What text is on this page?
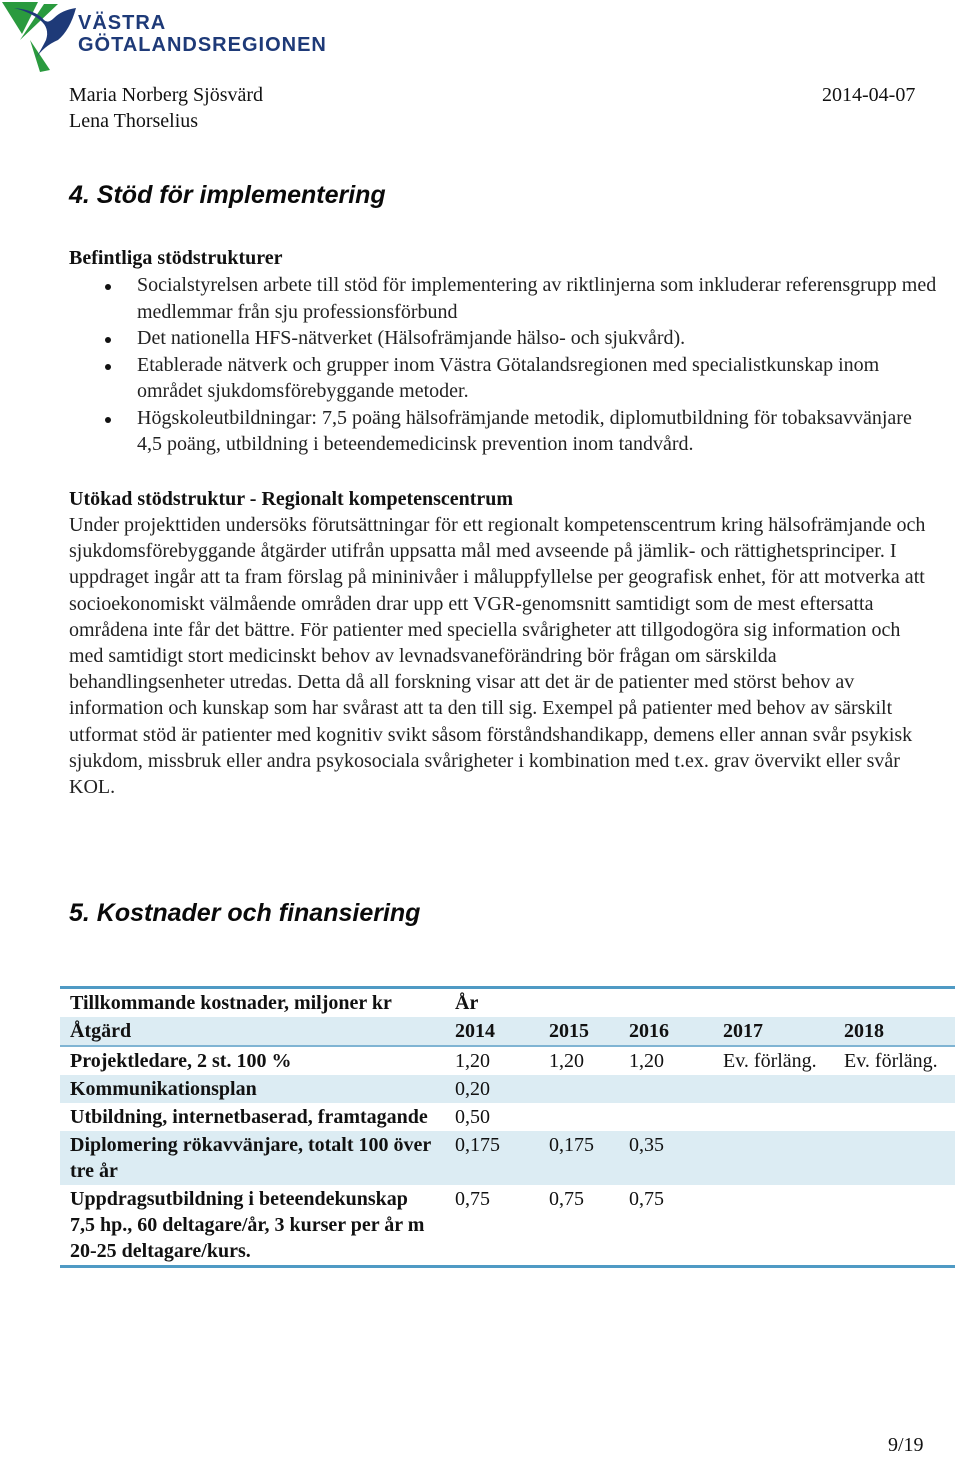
VÄSTRA
GÖTALANDSREGIONEN
Maria Norberg Sjösvärd
Lena Thorselius
2014-04-07
4. Stöd för implementering
Befintliga stödstrukturer
Socialstyrelsen arbete till stöd för implementering av riktlinjerna som inkluderar referensgrupp med medlemmar från sju professionsförbund
Det nationella HFS-nätverket (Hälsofrämjande hälso- och sjukvård).
Etablerade nätverk och grupper inom Västra Götalandsregionen med specialistkunskap inom området sjukdomsförebyggande metoder.
Högskoleutbildningar: 7,5 poäng hälsofrämjande metodik, diplomutbildning för tobaksavvänjare 4,5 poäng, utbildning i beteendemedicinsk prevention inom tandvård.
Utökad stödstruktur - Regionalt kompetenscentrum

Under projekttiden undersöks förutsättningar för ett regionalt kompetenscentrum kring hälsofrämjande och sjukdomsförebyggande åtgärder utifrån uppsatta mål med avseende på jämlik- och rättighetsprinciper. I uppdraget ingår att ta fram förslag på mininivåer i måluppfyllelse per geografisk enhet, för att motverka att socioekonomiskt välmående områden drar upp ett VGR-genomsnitt samtidigt som de mest eftersatta områdena inte får det bättre. För patienter med speciella svårigheter att tillgodogöra sig information och med samtidigt stort medicinskt behov av levnadsvaneförändring bör frågan om särskilda behandlingsenheter utredas. Detta då all forskning visar att det är de patienter med störst behov av information och kunskap som har svårast att ta den till sig. Exempel på patienter med behov av särskilt utformat stöd är patienter med kognitiv svikt såsom förståndshandikapp, demens eller annan svår psykisk sjukdom, missbruk eller andra psykosociala svårigheter i kombination med t.ex. grav övervikt eller svår KOL.

5. Kostnader och finansiering
Tillkommande kostnader, miljoner kr	År				
Åtgärd	2014	2015	2016	2017	2018
Projektledare, 2 st. 100 %	1,20	1,20	1,20	Ev. förläng.	Ev. förläng.
Kommunikationsplan	0,20				
Utbildning, internetbaserad, framtagande	0,50				
Diplomering rökavvänjare, totalt 100 över tre år	0,175	0,175	0,35		
Uppdragsutbildning i beteendekunskap 7,5 hp., 60 deltagare/år, 3 kurser per år m 20-25 deltagare/kurs.	0,75	0,75	0,75		
9/19
